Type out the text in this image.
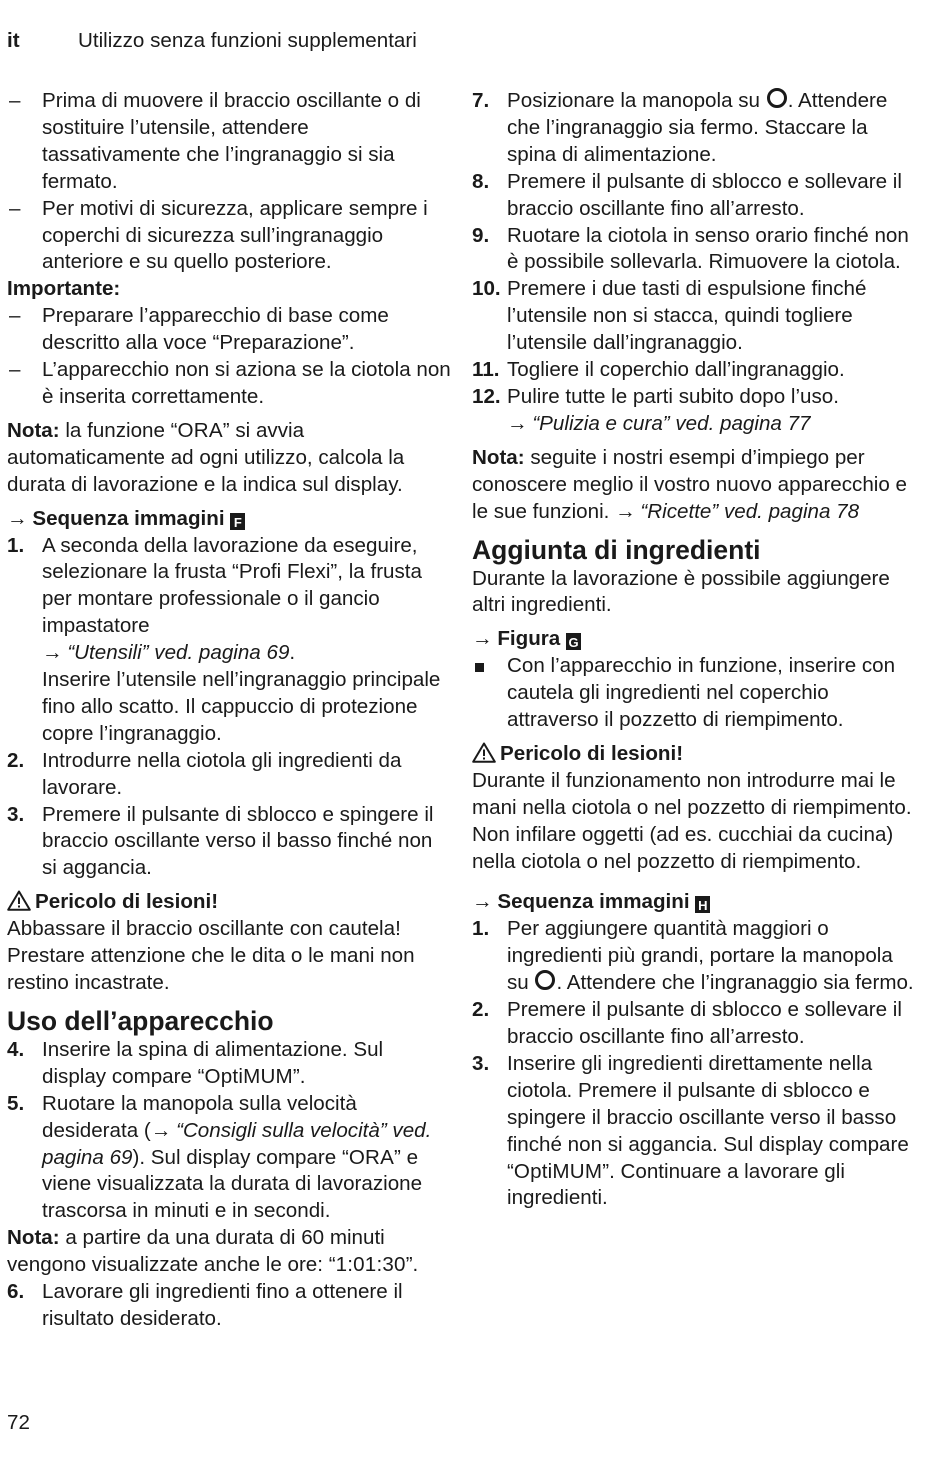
it	Utilizzo senza funzioni supplementari
– Prima di muovere il braccio oscillante o di sostituire l’utensile, attendere tassativamente che l’ingranaggio si sia fermato.
– Per motivi di sicurezza, applicare sempre i coperchi di sicurezza sull’ingranaggio anteriore e su quello posteriore.

Importante:

– Preparare l’apparecchio di base come descritto alla voce “Preparazione”.
– L’apparecchio non si aziona se la ciotola non è inserita correttamente.

Nota: la funzione “ORA” si avvia automaticamente ad ogni utilizzo, calcola la durata di lavorazione e la indica sul display.

→ Sequenza immagini F

1. A seconda della lavorazione da eseguire, selezionare la frusta “Profi Flexi”, la frusta per montare professionale o il gancio impastatore
→ “Utensili” ved. pagina 69.
Inserire l’utensile nell’ingranaggio principale fino allo scatto. Il cappuccio di protezione copre l’ingranaggio.
2. Introdurre nella ciotola gli ingredienti da lavorare.
3. Premere il pulsante di sblocco e spingere il braccio oscillante verso il basso finché non si aggancia.

Pericolo di lesioni!

Abbassare il braccio oscillante con cautela! Prestare attenzione che le dita o le mani non restino incastrate.

Uso dell’apparecchio

4. Inserire la spina di alimentazione. Sul display compare “OptiMUM”.
5. Ruotare la manopola sulla velocità desiderata (→ “Consigli sulla velocità” ved. pagina 69). Sul display compare “ORA” e viene visualizzata la durata di lavorazione trascorsa in minuti e in secondi.

Nota: a partire da una durata di 60 minuti vengono visualizzate anche le ore: “1:01:30”.

6. Lavorare gli ingredienti fino a ottenere il risultato desiderato.
7. Posizionare la manopola su . Attendere che l’ingranaggio sia fermo. Staccare la spina di alimentazione.
8. Premere il pulsante di sblocco e sollevare il braccio oscillante fino all’arresto.
9. Ruotare la ciotola in senso orario finché non è possibile sollevarla. Rimuovere la ciotola.
10. Premere i due tasti di espulsione finché l’utensile non si stacca, quindi togliere l’utensile dall’ingranaggio.
11. Togliere il coperchio dall’ingranaggio.
12. Pulire tutte le parti subito dopo l’uso.
→ “Pulizia e cura” ved. pagina 77

Nota: seguite i nostri esempi d’impiego per conoscere meglio il vostro nuovo apparecchio e le sue funzioni. → “Ricette” ved. pagina 78

Aggiunta di ingredienti

Durante la lavorazione è possibile aggiungere altri ingredienti.

→ Figura G

Con l’apparecchio in funzione, inserire con cautela gli ingredienti nel coperchio attraverso il pozzetto di riempimento.

Pericolo di lesioni!

Durante il funzionamento non introdurre mai le mani nella ciotola o nel pozzetto di riempimento. Non infilare oggetti (ad es. cucchiai da cucina) nella ciotola o nel pozzetto di riempimento.

→ Sequenza immagini H

1. Per aggiungere quantità maggiori o ingredienti più grandi, portare la manopola su . Attendere che l’ingranaggio sia fermo.
2. Premere il pulsante di sblocco e sollevare il braccio oscillante fino all’arresto.
3. Inserire gli ingredienti direttamente nella ciotola. Premere il pulsante di sblocco e spingere il braccio oscillante verso il basso finché non si aggancia. Sul display compare “OptiMUM”. Continuare a lavorare gli ingredienti.
72
